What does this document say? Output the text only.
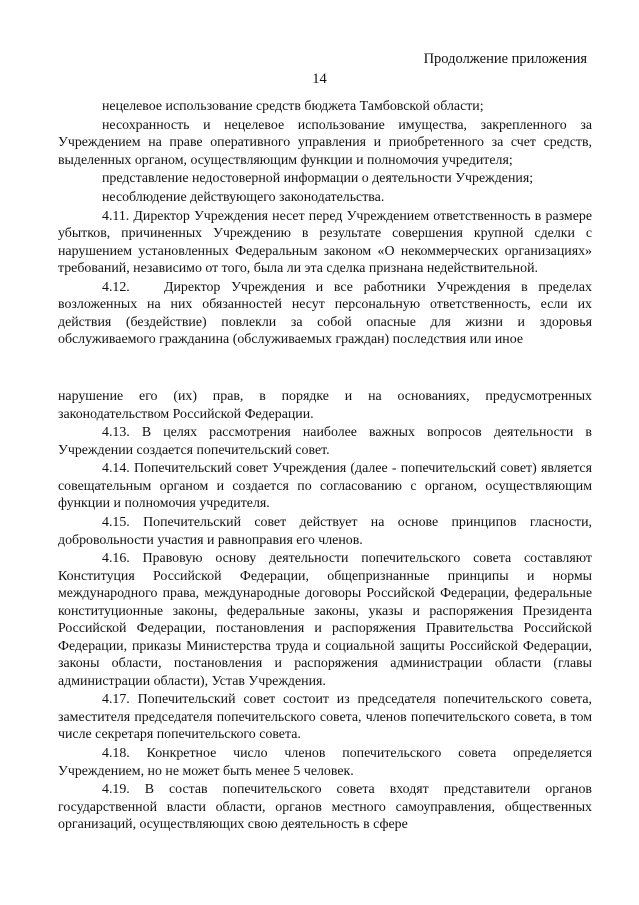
Продолжение приложения
14

нецелевое использование средств бюджета Тамбовской области;

несохранность и нецелевое использование имущества, закрепленного за Учреждением на праве оперативного управления и приобретенного за счет средств, выделенных органом, осуществляющим функции и полномочия учредителя;

представление недостоверной информации о деятельности Учреждения;

несоблюдение действующего законодательства.

4.11. Директор Учреждения несет перед Учреждением ответственность в размере убытков, причиненных Учреждению в результате совершения крупной сделки с нарушением установленных Федеральным законом «О некоммерческих организациях» требований, независимо от того, была ли эта сделка признана недействительной.

4.12. Директор Учреждения и все работники Учреждения в пределах возложенных на них обязанностей несут персональную ответственность, если их действия (бездействие) повлекли за собой опасные для жизни и здоровья обслуживаемого гражданина (обслуживаемых граждан) последствия или иное

нарушение его (их) прав, в порядке и на основаниях, предусмотренных законодательством Российской Федерации.

4.13. В целях рассмотрения наиболее важных вопросов деятельности в Учреждении создается попечительский совет.

4.14. Попечительский совет Учреждения (далее - попечительский совет) является совещательным органом и создается по согласованию с органом, осуществляющим функции и полномочия учредителя.

4.15. Попечительский совет действует на основе принципов гласности, добровольности участия и равноправия его членов.

4.16. Правовую основу деятельности попечительского совета составляют Конституция Российской Федерации, общепризнанные принципы и нормы международного права, международные договоры Российской Федерации, федеральные конституционные законы, федеральные законы, указы и распоряжения Президента Российской Федерации, постановления и распоряжения Правительства Российской Федерации, приказы Министерства труда и социальной защиты Российской Федерации, законы области, постановления и распоряжения администрации области (главы администрации области), Устав Учреждения.

4.17. Попечительский совет состоит из председателя попечительского совета, заместителя председателя попечительского совета, членов попечительского совета, в том числе секретаря попечительского совета.

4.18. Конкретное число членов попечительского совета определяется Учреждением, но не может быть менее 5 человек.

4.19. В состав попечительского совета входят представители органов государственной власти области, органов местного самоуправления, общественных организаций, осуществляющих свою деятельность в сфере
